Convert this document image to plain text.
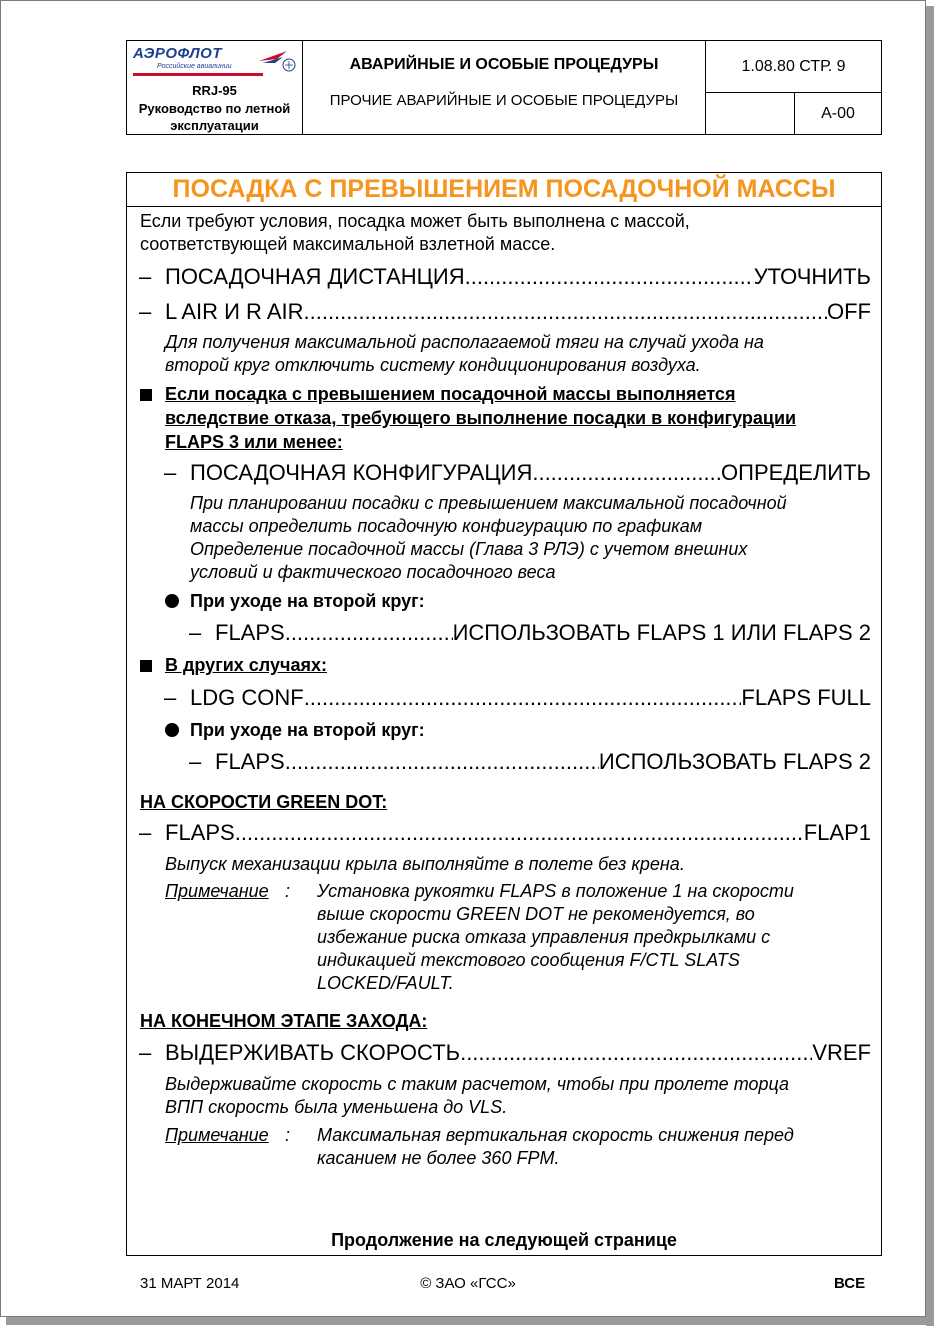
АЭРОФЛОТ
Российские авиалинии
RRJ-95
Руководство по летной эксплуатации
АВАРИЙНЫЕ И ОСОБЫЕ ПРОЦЕДУРЫ
ПРОЧИЕ АВАРИЙНЫЕ И ОСОБЫЕ ПРОЦЕДУРЫ
1.08.80 СТР. 9
А-00
ПОСАДКА С ПРЕВЫШЕНИЕМ ПОСАДОЧНОЙ МАССЫ
Если требуют условия, посадка может быть выполнена с массой,
соответствующей максимальной взлетной массе.
– ПОСАДОЧНАЯ ДИСТАНЦИЯ .....	УТОЧНИТЬ
– L AIR И R AIR .....	OFF
Для получения максимальной располагаемой тяги на случай ухода на
второй круг отключить систему кондиционирования воздуха.
Если посадка с превышением посадочной массы выполняется
вследствие отказа, требующего выполнение посадки в конфигурации
FLAPS 3 или менее:
– ПОСАДОЧНАЯ КОНФИГУРАЦИЯ .....	ОПРЕДЕЛИТЬ
При планировании посадки с превышением максимальной посадочной
массы определить посадочную конфигурацию по графикам
Определение посадочной массы (Глава 3 РЛЭ) с учетом внешних
условий и фактического посадочного веса
При уходе на второй круг:
– FLAPS .....	ИСПОЛЬЗОВАТЬ FLAPS 1 ИЛИ FLAPS 2
В других случаях:
– LDG CONF .....	FLAPS FULL
При уходе на второй круг:
– FLAPS .....	ИСПОЛЬЗОВАТЬ FLAPS 2
НА СКОРОСТИ GREEN DOT:
– FLAPS .....	FLAP1
Выпуск механизации крыла выполняйте в полете без крена.
Примечание : Установка рукоятки FLAPS в положение 1 на скорости
выше скорости GREEN DOT не рекомендуется, во
избежание риска отказа управления предкрылками с
индикацией текстового сообщения F/CTL SLATS
LOCKED/FAULT.
НА КОНЕЧНОМ ЭТАПЕ ЗАХОДА:
– ВЫДЕРЖИВАТЬ СКОРОСТЬ .....	VREF
Выдерживайте скорость с таким расчетом, чтобы при пролете торца
ВПП скорость была уменьшена до VLS.
Примечание : Максимальная вертикальная скорость снижения перед
касанием не более 360 FPM.
Продолжение на следующей странице
31 МАРТ 2014	© ЗАО «ГСС»	ВСЕ
